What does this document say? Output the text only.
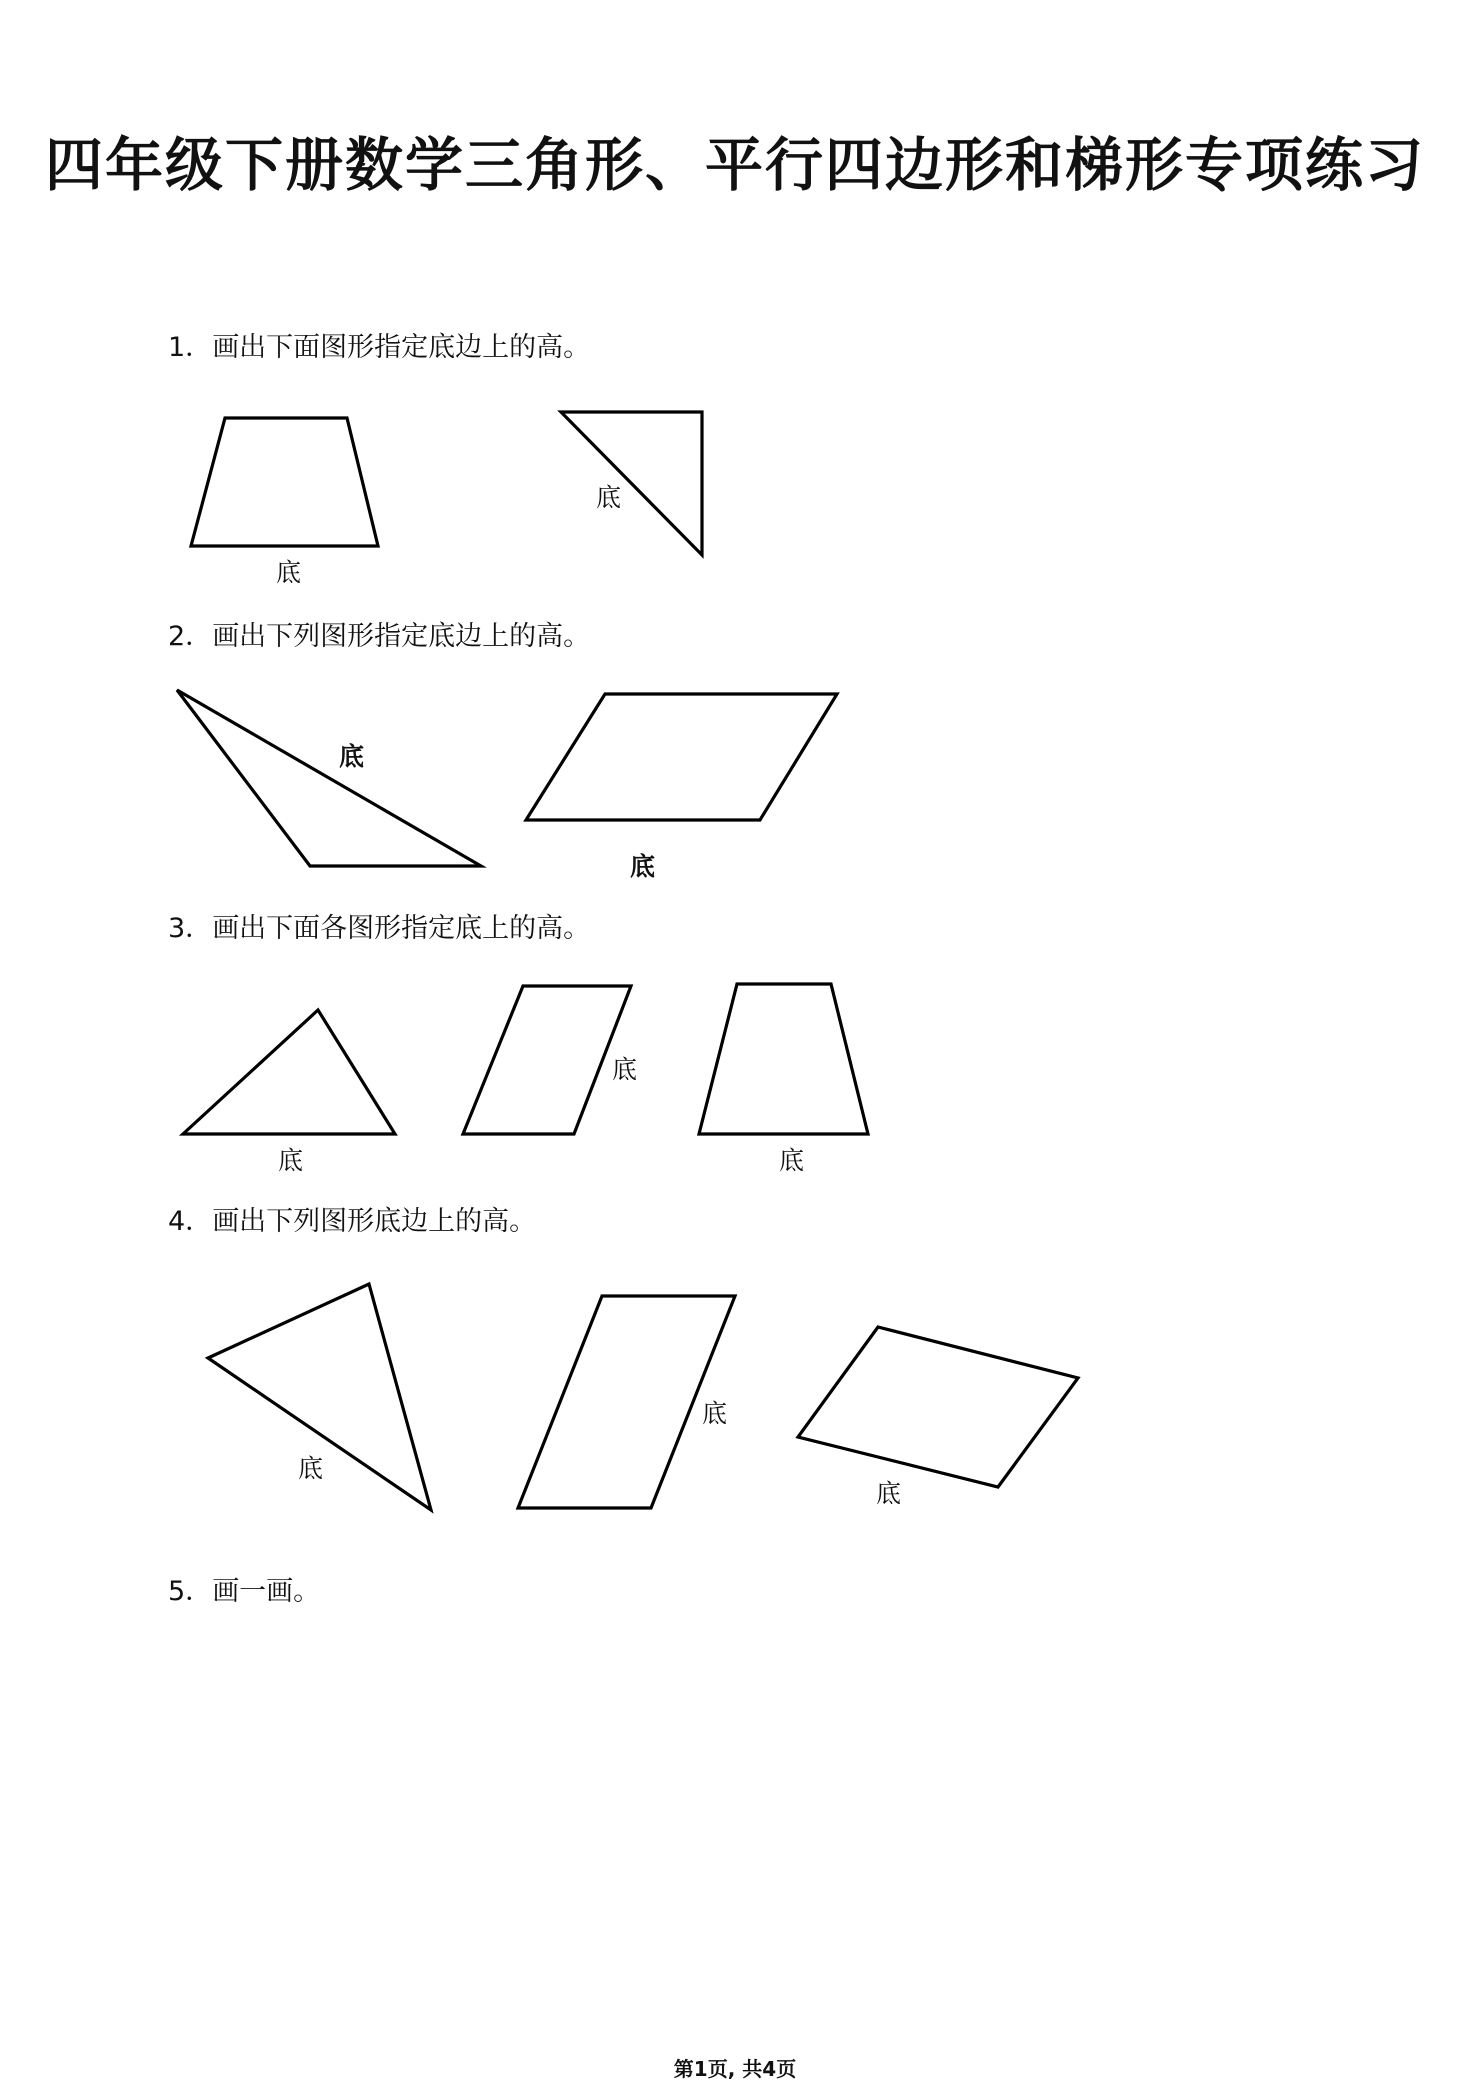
四年级下册数学三角形、平行四边形和梯形专项练习
1．画出下面图形指定底边上的高。
2．画出下列图形指定底边上的高。
3．画出下面各图形指定底上的高。
4．画出下列图形底边上的高。
5．画一画。
底
底
底
底
底
底
底
底
底
底
第1页, 共4页
